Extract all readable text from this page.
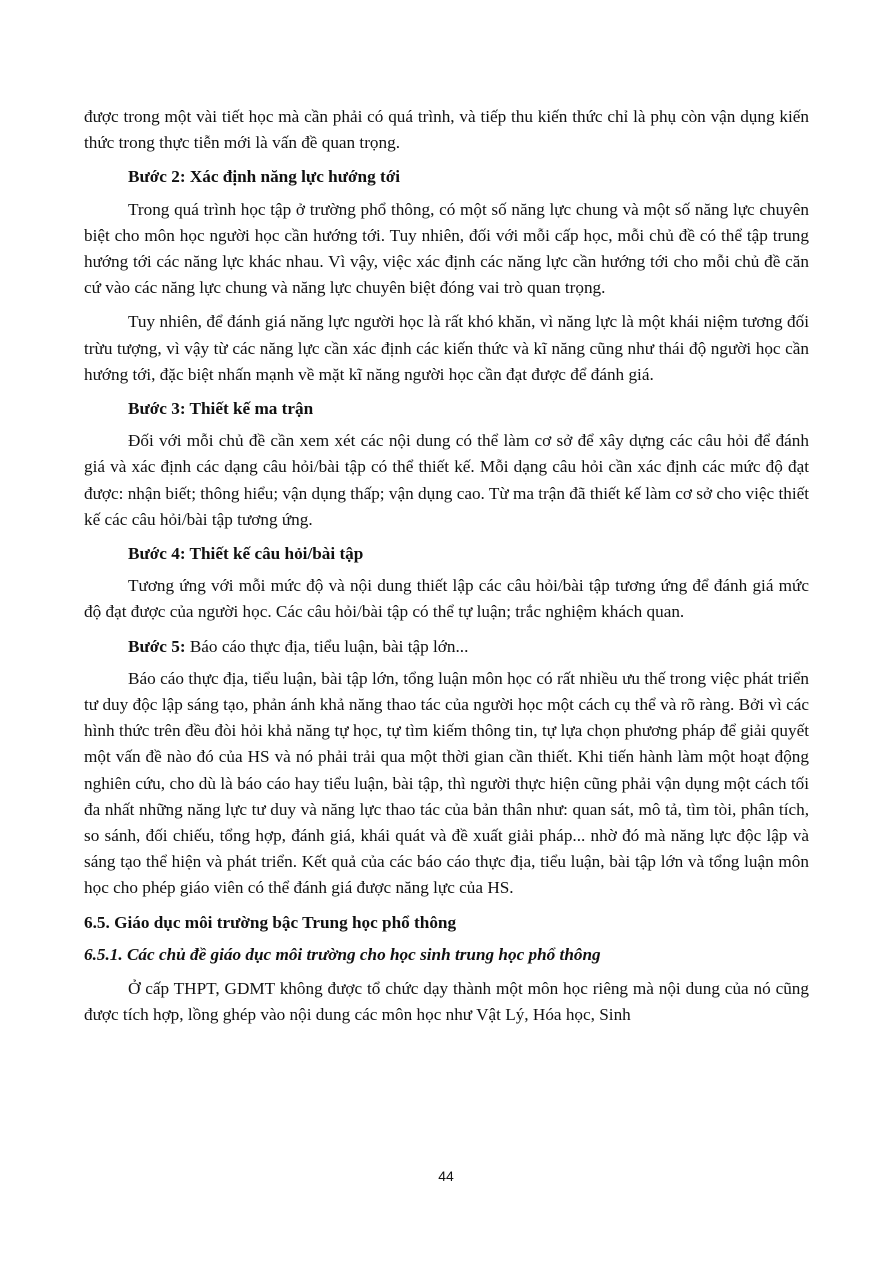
được trong một vài tiết học mà cần phải có quá trình, và tiếp thu kiến thức chỉ là phụ còn vận dụng kiến thức trong thực tiễn mới là vấn đề quan trọng.

Bước 2: Xác định năng lực hướng tới

Trong quá trình học tập ở trường phổ thông, có một số năng lực chung và một số năng lực chuyên biệt cho môn học người học cần hướng tới. Tuy nhiên, đối với mỗi cấp học, mỗi chủ đề có thể tập trung hướng tới các năng lực khác nhau. Vì vậy, việc xác định các năng lực cần hướng tới cho mỗi chủ đề căn cứ vào các năng lực chung và năng lực chuyên biệt đóng vai trò quan trọng.

Tuy nhiên, để đánh giá năng lực người học là rất khó khăn, vì năng lực là một khái niệm tương đối trừu tượng, vì vậy từ các năng lực cần xác định các kiến thức và kĩ năng cũng như thái độ người học cần hướng tới, đặc biệt nhấn mạnh về mặt kĩ năng người học cần đạt được để đánh giá.

Bước 3: Thiết kế ma trận

Đối với mỗi chủ đề cần xem xét các nội dung có thể làm cơ sở để xây dựng các câu hỏi để đánh giá và xác định các dạng câu hỏi/bài tập có thể thiết kế. Mỗi dạng câu hỏi cần xác định các mức độ đạt được: nhận biết; thông hiểu; vận dụng thấp; vận dụng cao. Từ ma trận đã thiết kế làm cơ sở cho việc thiết kế các câu hỏi/bài tập tương ứng.

Bước 4: Thiết kế câu hỏi/bài tập

Tương ứng với mỗi mức độ và nội dung thiết lập các câu hỏi/bài tập tương ứng để đánh giá mức độ đạt được của người học. Các câu hỏi/bài tập có thể tự luận; trắc nghiệm khách quan.

Bước 5: Báo cáo thực địa, tiểu luận, bài tập lớn...

Báo cáo thực địa, tiểu luận, bài tập lớn, tổng luận môn học có rất nhiều ưu thế trong việc phát triển tư duy độc lập sáng tạo, phản ánh khả năng thao tác của người học một cách cụ thể và rõ ràng. Bởi vì các hình thức trên đều đòi hỏi khả năng tự học, tự tìm kiếm thông tin, tự lựa chọn phương pháp để giải quyết một vấn đề nào đó của HS và nó phải trải qua một thời gian cần thiết. Khi tiến hành làm một hoạt động nghiên cứu, cho dù là báo cáo hay tiểu luận, bài tập, thì người thực hiện cũng phải vận dụng một cách tối đa nhất những năng lực tư duy và năng lực thao tác của bản thân như: quan sát, mô tả, tìm tòi, phân tích, so sánh, đối chiếu, tổng hợp, đánh giá, khái quát và đề xuất giải pháp... nhờ đó mà năng lực độc lập và sáng tạo thể hiện và phát triển. Kết quả của các báo cáo thực địa, tiểu luận, bài tập lớn và tổng luận môn học cho phép giáo viên có thể đánh giá được năng lực của HS.

6.5. Giáo dục môi trường bậc Trung học phổ thông

6.5.1. Các chủ đề giáo dục môi trường cho học sinh trung học phổ thông

Ở cấp THPT, GDMT không được tổ chức dạy thành một môn học riêng mà nội dung của nó cũng được tích hợp, lồng ghép vào nội dung các môn học như Vật Lý, Hóa học, Sinh

44
